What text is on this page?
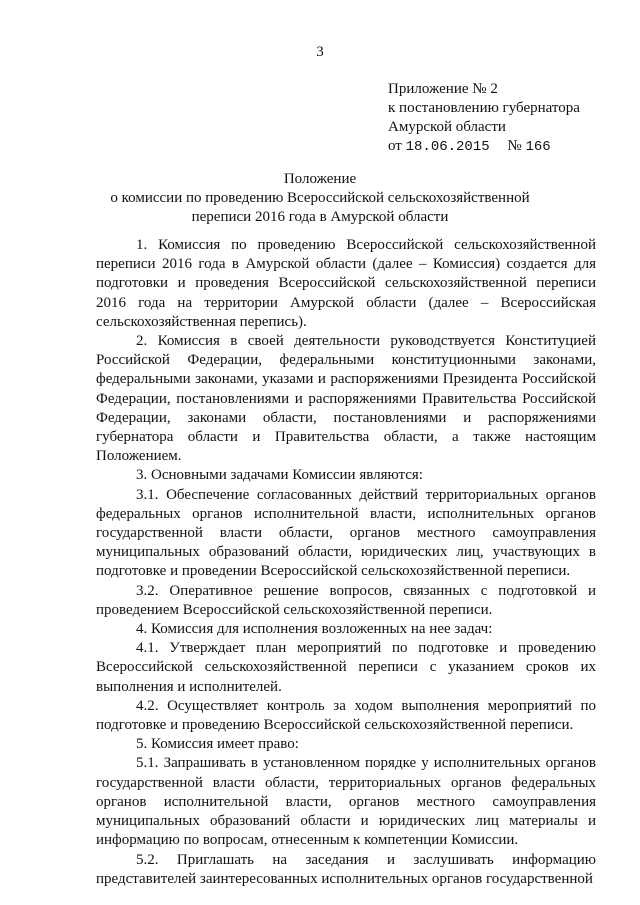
3
Приложение № 2
к постановлению губернатора
Амурской области
от 18.06.2015 № 166
Положение
о комиссии по проведению Всероссийской сельскохозяйственной
переписи 2016 года в Амурской области

1. Комиссия по проведению Всероссийской сельскохозяйственной переписи 2016 года в Амурской области (далее – Комиссия) создается для подготовки и проведения Всероссийской сельскохозяйственной переписи 2016 года на территории Амурской области (далее – Всероссийская сельскохозяйственная перепись).

2. Комиссия в своей деятельности руководствуется Конституцией Российской Федерации, федеральными конституционными законами, федеральными законами, указами и распоряжениями Президента Российской Федерации, постановлениями и распоряжениями Правительства Российской Федерации, законами области, постановлениями и распоряжениями губернатора области и Правительства области, а также настоящим Положением.

3. Основными задачами Комиссии являются:

3.1. Обеспечение согласованных действий территориальных органов федеральных органов исполнительной власти, исполнительных органов государственной власти области, органов местного самоуправления муниципальных образований области, юридических лиц, участвующих в подготовке и проведении Всероссийской сельскохозяйственной переписи.

3.2. Оперативное решение вопросов, связанных с подготовкой и проведением Всероссийской сельскохозяйственной переписи.

4. Комиссия для исполнения возложенных на нее задач:

4.1. Утверждает план мероприятий по подготовке и проведению Всероссийской сельскохозяйственной переписи с указанием сроков их выполнения и исполнителей.

4.2. Осуществляет контроль за ходом выполнения мероприятий по подготовке и проведению Всероссийской сельскохозяйственной переписи.

5. Комиссия имеет право:

5.1. Запрашивать в установленном порядке у исполнительных органов государственной власти области, территориальных органов федеральных органов исполнительной власти, органов местного самоуправления муниципальных образований области и юридических лиц материалы и информацию по вопросам, отнесенным к компетенции Комиссии.

5.2. Приглашать на заседания и заслушивать информацию представителей заинтересованных исполнительных органов государственной
